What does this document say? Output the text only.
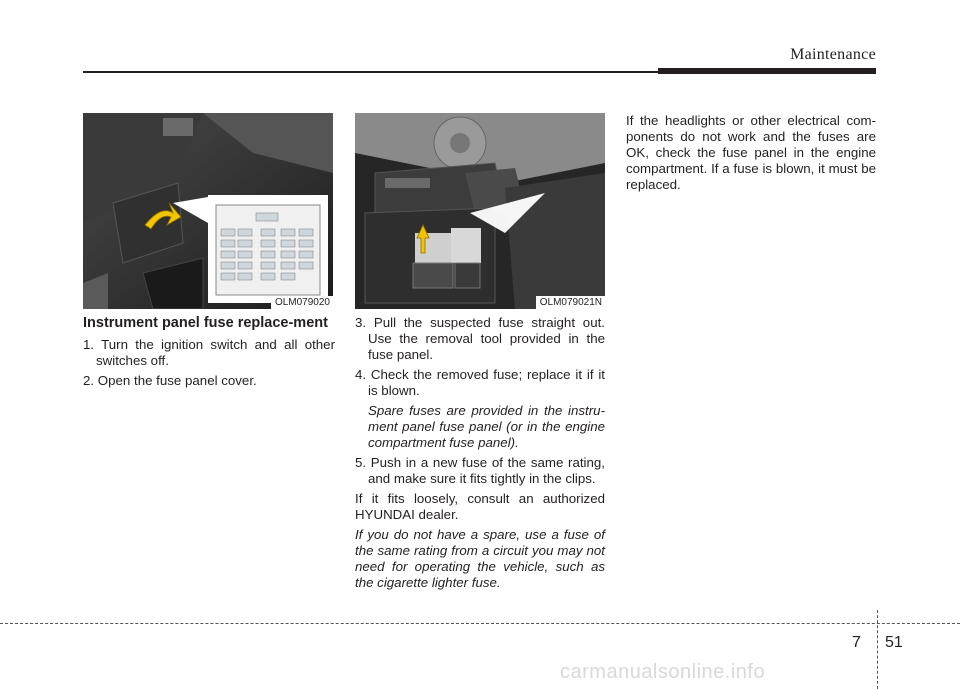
Maintenance
OLM079020	OLM079021N

Instrument panel fuse replace-ment

1. Turn the ignition switch and all other switches off.

2. Open the fuse panel cover.

3. Pull the suspected fuse straight out. Use the removal tool provided in the fuse panel.

4. Check the removed fuse; replace it if it is blown.

Spare fuses are provided in the instru-ment panel fuse panel (or in the engine compartment fuse panel).

5. Push in a new fuse of the same rating, and make sure it fits tightly in the clips.

If it fits loosely, consult an authorized HYUNDAI dealer.

If you do not have a spare, use a fuse of the same rating from a circuit you may not need for operating the vehicle, such as the cigarette lighter fuse.

If the headlights or other electrical com-ponents do not work and the fuses are OK, check the fuse panel in the engine compartment. If a fuse is blown, it must be replaced.

7 51
carmanualsonline.info
